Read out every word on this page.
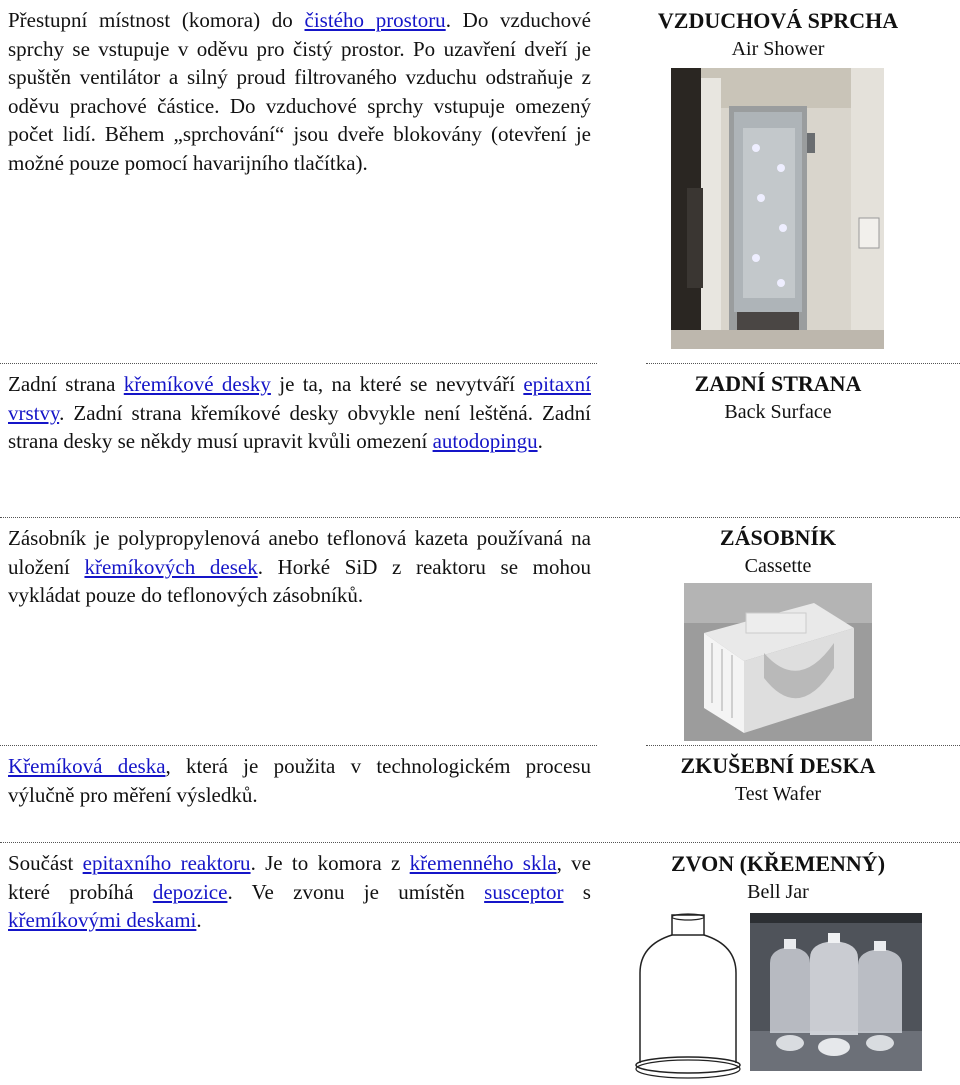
Přestupní místnost (komora) do čistého prostoru. Do vzduchové sprchy se vstupuje v oděvu pro čistý prostor. Po uzavření dveří je spuštěn ventilátor a silný proud filtrovaného vzduchu odstraňuje z oděvu prachové částice. Do vzduchové sprchy vstupuje omezený počet lidí. Během „sprchování“ jsou dveře blokovány (otevření je možné pouze pomocí havarijního tlačítka).

VZDUCHOVÁ SPRCHA
Air Shower

Zadní strana křemíkové desky je ta, na které se nevytváří epitaxní vrstvy. Zadní strana křemíkové desky obvykle není leštěná. Zadní strana desky se někdy musí upravit kvůli omezení autodopingu.

ZADNÍ STRANA
Back Surface

Zásobník je polypropylenová anebo teflonová kazeta používaná na uložení křemíkových desek. Horké SiD z reaktoru se mohou vykládat pouze do teflonových zásobníků.

ZÁSOBNÍK
Cassette

Křemíková deska, která je použita v technologickém procesu výlučně pro měření výsledků.

ZKUŠEBNÍ DESKA
Test Wafer

Součást epitaxního reaktoru. Je to komora z křemenného skla, ve které probíhá depozice. Ve zvonu je umístěn susceptor s křemíkovými deskami.

ZVON (KŘEMENNÝ)
Bell Jar
